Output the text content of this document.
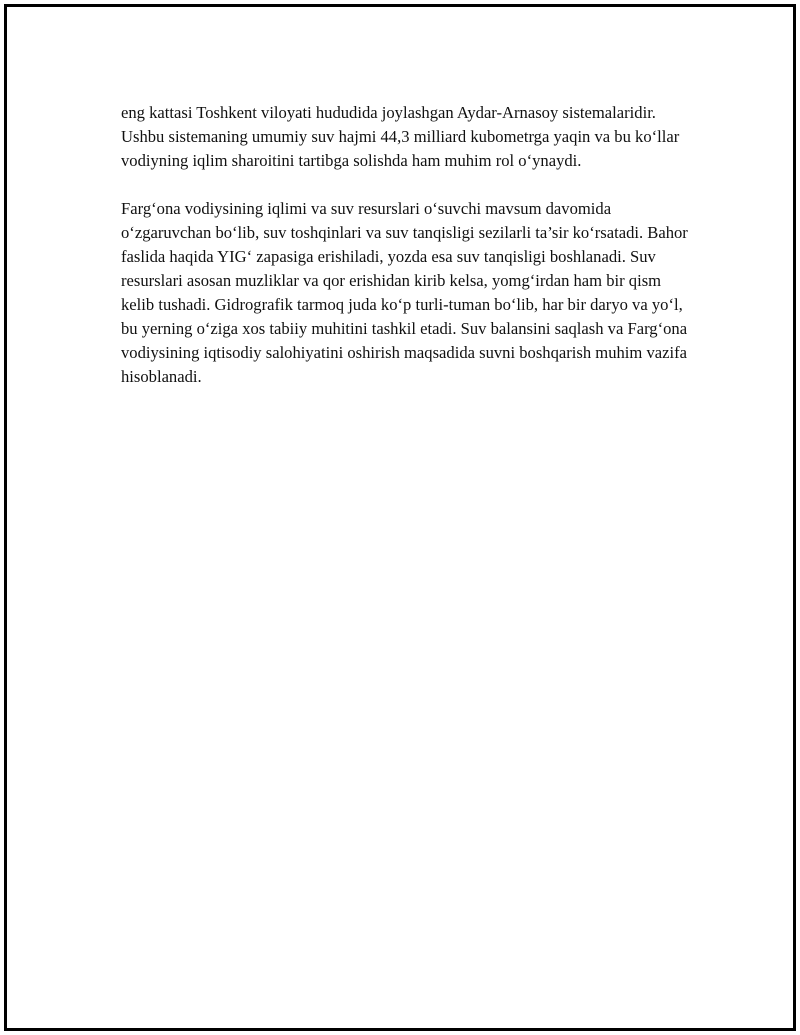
eng kattasi Toshkent viloyati hududida joylashgan Aydar-Arnasoy sistemalaridir. Ushbu sistemaning umumiy suv hajmi 44,3 milliard kubometrga yaqin va bu ko‘llar vodiyning iqlim sharoitini tartibga solishda ham muhim rol o‘ynaydi.

Farg‘ona vodiysining iqlimi va suv resurslari o‘suvchi mavsum davomida o‘zgaruvchan bo‘lib, suv toshqinlari va suv tanqisligi sezilarli ta’sir ko‘rsatadi. Bahor faslida haqida YIG‘ zapasiga erishiladi, yozda esa suv tanqisligi boshlanadi. Suv resurslari asosan muzliklar va qor erishidan kirib kelsa, yomg‘irdan ham bir qism kelib tushadi. Gidrografik tarmoq juda ko‘p turli-tuman bo‘lib, har bir daryo va yo‘l, bu yerning o‘ziga xos tabiiy muhitini tashkil etadi. Suv balansini saqlash va Farg‘ona vodiysining iqtisodiy salohiyatini oshirish maqsadida suvni boshqarish muhim vazifa hisoblanadi.
